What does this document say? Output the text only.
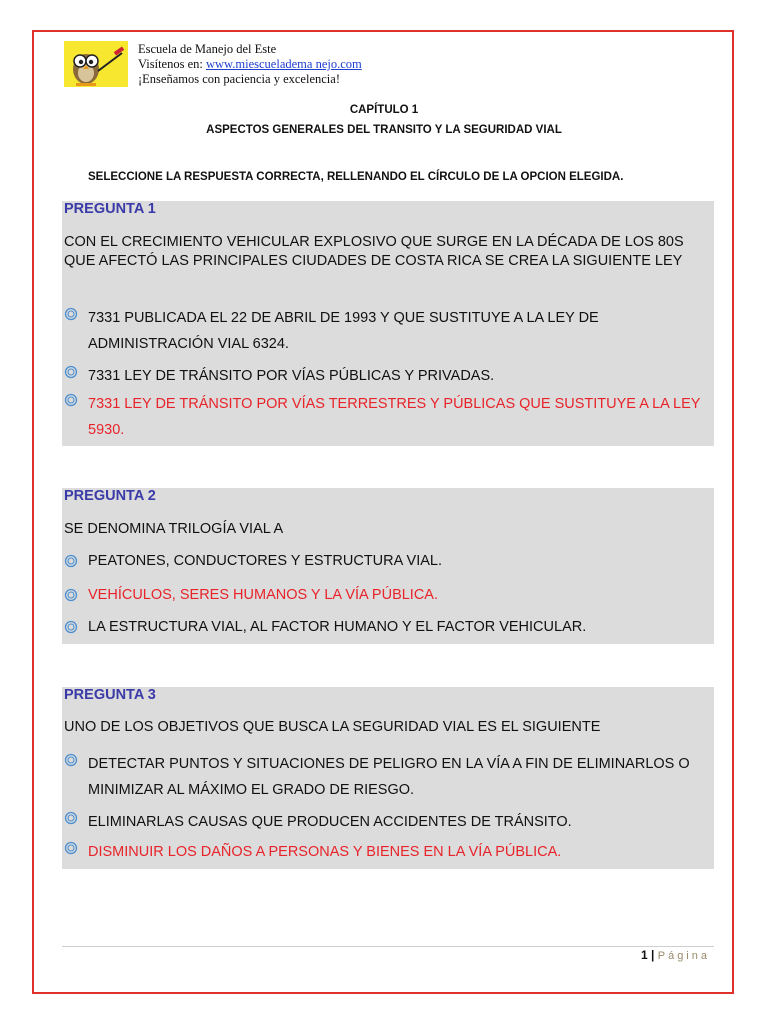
Escuela de Manejo del Este
Visítenos en: www.miescueladema nejo.com
¡Enseñamos con paciencia y excelencia!
CAPÍTULO 1
ASPECTOS GENERALES DEL TRANSITO Y LA SEGURIDAD VIAL
SELECCIONE LA RESPUESTA CORRECTA, RELLENANDO EL CÍRCULO DE LA OPCION ELEGIDA.
PREGUNTA 1
CON EL CRECIMIENTO VEHICULAR EXPLOSIVO QUE SURGE EN LA DÉCADA DE LOS 80S QUE AFECTÓ LAS PRINCIPALES CIUDADES DE COSTA RICA SE CREA LA SIGUIENTE LEY
7331 PUBLICADA EL 22 DE ABRIL DE 1993 Y QUE SUSTITUYE A LA LEY DE ADMINISTRACIÓN VIAL 6324.
7331 LEY DE TRÁNSITO POR VÍAS PÚBLICAS Y PRIVADAS.
7331 LEY DE TRÁNSITO POR VÍAS TERRESTRES Y PÚBLICAS QUE SUSTITUYE A LA LEY 5930.
PREGUNTA 2
SE DENOMINA TRILOGÍA VIAL A
PEATONES, CONDUCTORES Y ESTRUCTURA VIAL.
VEHÍCULOS, SERES HUMANOS Y LA VÍA PÚBLICA.
LA ESTRUCTURA VIAL, AL FACTOR HUMANO Y EL FACTOR VEHICULAR.
PREGUNTA 3
UNO DE LOS OBJETIVOS QUE BUSCA LA SEGURIDAD VIAL ES EL SIGUIENTE
DETECTAR PUNTOS Y SITUACIONES DE PELIGRO EN LA VÍA A FIN DE ELIMINARLOS O MINIMIZAR AL MÁXIMO EL GRADO DE RIESGO.
ELIMINARLAS CAUSAS QUE PRODUCEN ACCIDENTES DE TRÁNSITO.
DISMINUIR LOS DAÑOS A PERSONAS Y BIENES EN LA VÍA PÚBLICA.
1 | Página
